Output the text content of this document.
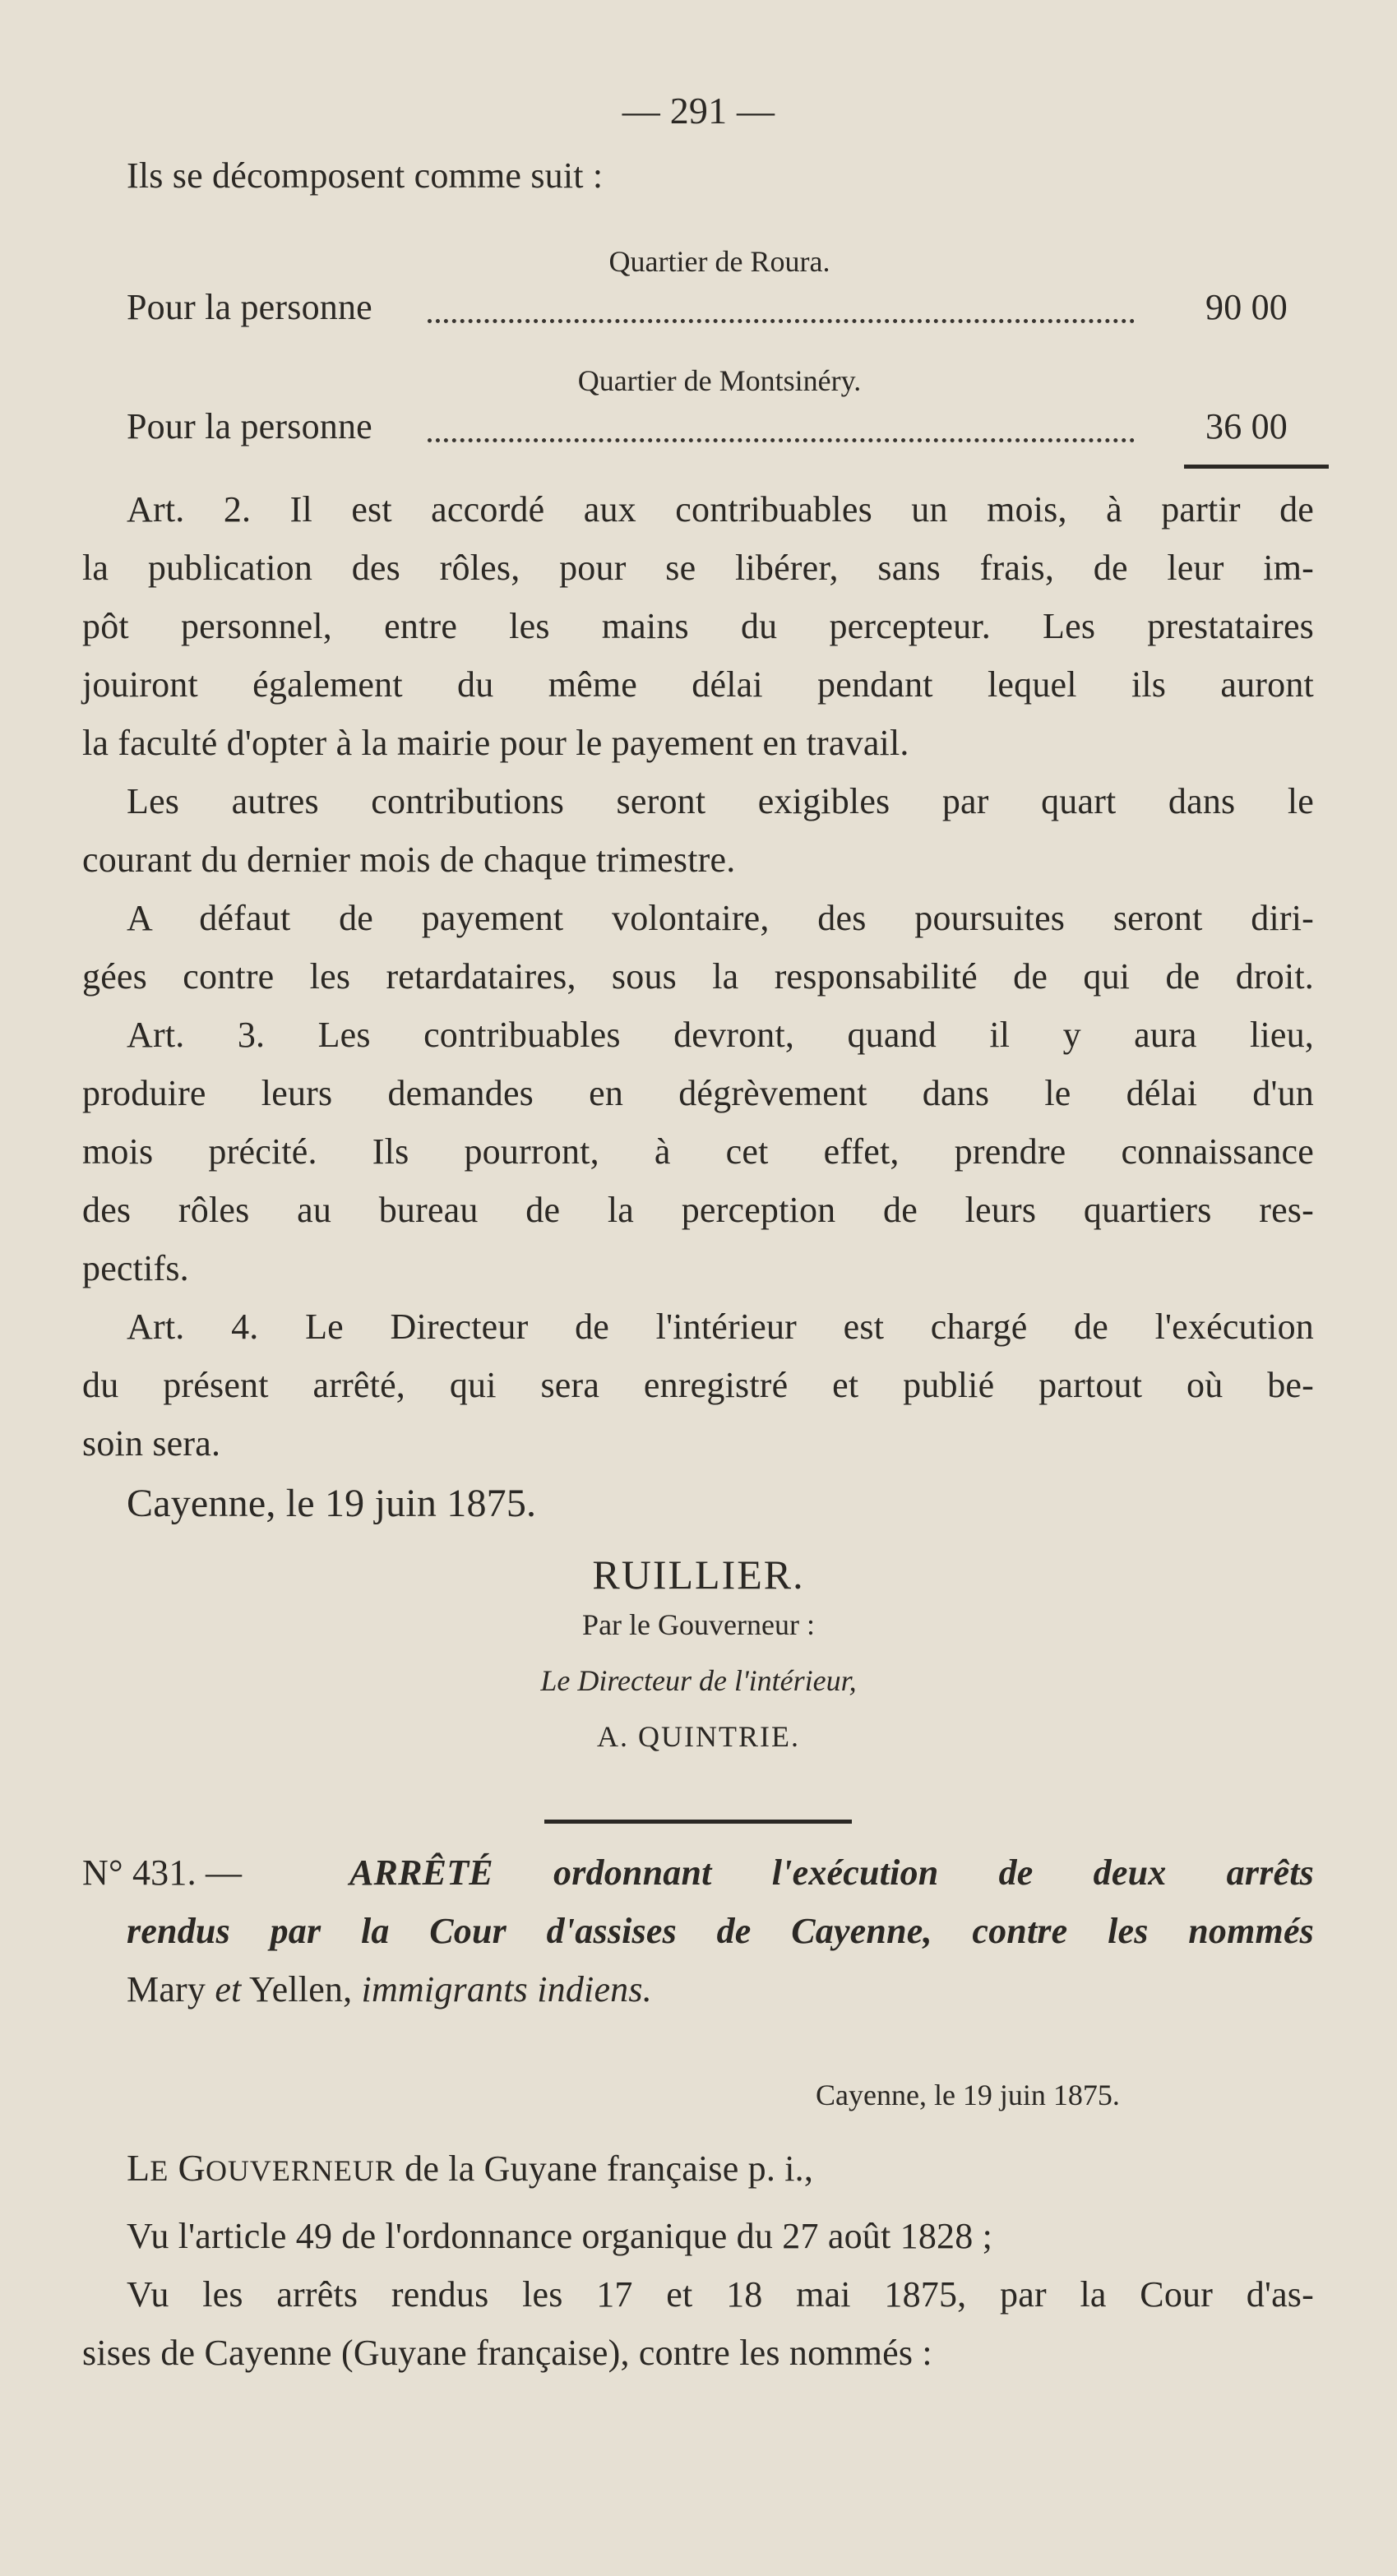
— 291 —
Ils se décomposent comme suit :
Quartier de Roura.
Pour la personne	90 00
Quartier de Montsinéry.
Pour la personne	36 00
Art. 2. Il est accordé aux contribuables un mois, à partir de
la publication des rôles, pour se libérer, sans frais, de leur im-
pôt personnel, entre les mains du percepteur. Les prestataires
jouiront également du même délai pendant lequel ils auront
la faculté d'opter à la mairie pour le payement en travail.
Les autres contributions seront exigibles par quart dans le
courant du dernier mois de chaque trimestre.
A défaut de payement volontaire, des poursuites seront diri-
gées contre les retardataires, sous la responsabilité de qui de droit.
Art. 3. Les contribuables devront, quand il y aura lieu,
produire leurs demandes en dégrèvement dans le délai d'un
mois précité. Ils pourront, à cet effet, prendre connaissance
des rôles au bureau de la perception de leurs quartiers res-
pectifs.
Art. 4. Le Directeur de l'intérieur est chargé de l'exécution
du présent arrêté, qui sera enregistré et publié partout où be-
soin sera.
Cayenne, le 19 juin 1875.
RUILLIER.
Par le Gouverneur :
Le Directeur de l'intérieur,
A. QUINTRIE.
N° 431. —	ARRÊTÉ ordonnant l'exécution de deux arrêts
rendus par la Cour d'assises de Cayenne, contre les nommés
Mary et Yellen, immigrants indiens.
Cayenne, le 19 juin 1875.
LE GOUVERNEUR de la Guyane française p. i.,
Vu l'article 49 de l'ordonnance organique du 27 août 1828 ;
Vu les arrêts rendus les 17 et 18 mai 1875, par la Cour d'as-
sises de Cayenne (Guyane française), contre les nommés :
